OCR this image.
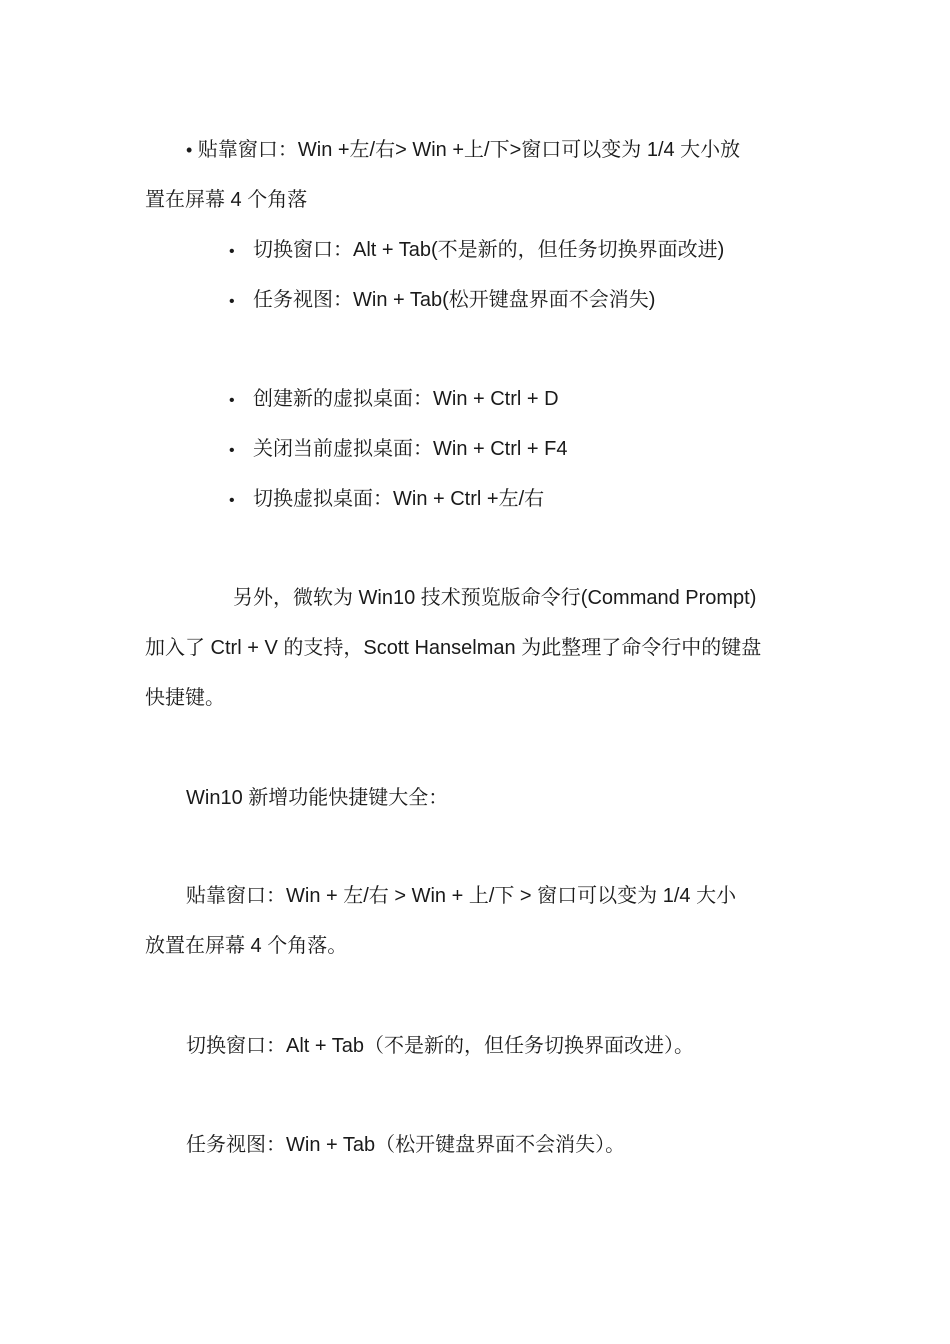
• 贴靠窗口：Win +左/右> Win +上/下>窗口可以变为 1/4 大小放
置在屏幕 4 个角落
• 切换窗口：Alt + Tab(不是新的，但任务切换界面改进)
• 任务视图：Win + Tab(松开键盘界面不会消失)
• 创建新的虚拟桌面：Win + Ctrl + D
• 关闭当前虚拟桌面：Win + Ctrl + F4
• 切换虚拟桌面：Win + Ctrl +左/右
另外，微软为 Win10 技术预览版命令行(Command Prompt)
加入了 Ctrl + V 的支持，Scott Hanselman 为此整理了命令行中的键盘
快捷键。
Win10 新增功能快捷键大全：
贴靠窗口：Win + 左/右 > Win + 上/下 > 窗口可以变为 1/4 大小
放置在屏幕 4 个角落。
切换窗口：Alt + Tab（不是新的，但任务切换界面改进）。
任务视图：Win + Tab（松开键盘界面不会消失）。
